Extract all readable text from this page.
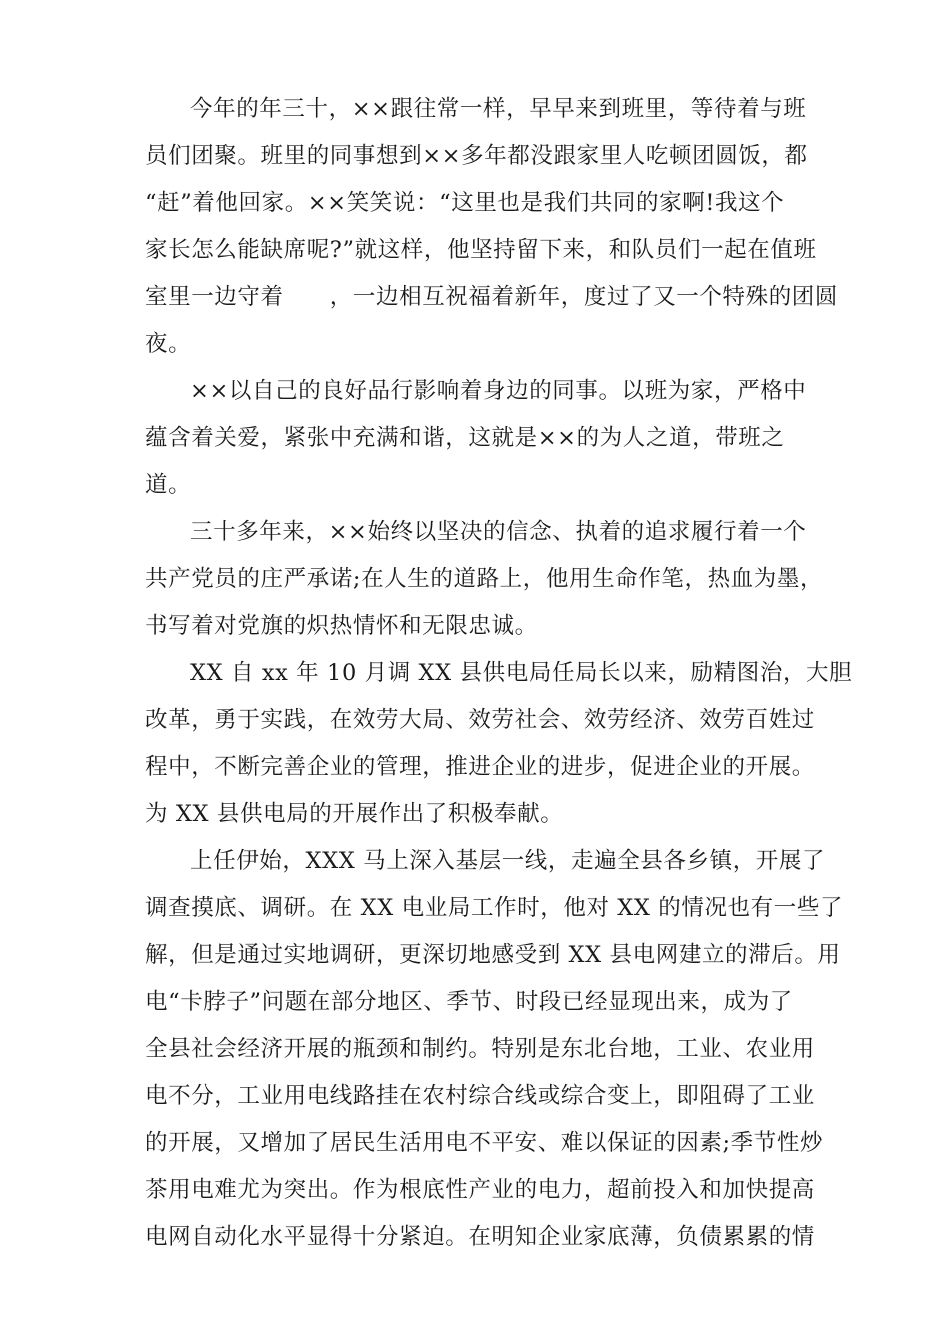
今年的年三十，××跟往常一样，早早来到班里，等待着与班
员们团聚。班里的同事想到××多年都没跟家里人吃顿团圆饭，都
“赶”着他回家。××笑笑说：“这里也是我们共同的家啊!我这个
家长怎么能缺席呢?”就这样，他坚持留下来，和队员们一起在值班
室里一边守着　　，一边相互祝福着新年，度过了又一个特殊的团圆
夜。
××以自己的良好品行影响着身边的同事。以班为家，严格中
蕴含着关爱，紧张中充满和谐，这就是××的为人之道，带班之
道。
三十多年来，××始终以坚决的信念、执着的追求履行着一个
共产党员的庄严承诺;在人生的道路上，他用生命作笔，热血为墨，
书写着对党旗的炽热情怀和无限忠诚。
XX 自 xx 年 10 月调 XX 县供电局任局长以来，励精图治，大胆
改革，勇于实践，在效劳大局、效劳社会、效劳经济、效劳百姓过
程中，不断完善企业的管理，推进企业的进步，促进企业的开展。
为 XX 县供电局的开展作出了积极奉献。
上任伊始，XXX 马上深入基层一线，走遍全县各乡镇，开展了
调查摸底、调研。在 XX 电业局工作时，他对 XX 的情况也有一些了
解，但是通过实地调研，更深切地感受到 XX 县电网建立的滞后。用
电“卡脖子”问题在部分地区、季节、时段已经显现出来，成为了
全县社会经济开展的瓶颈和制约。特别是东北台地，工业、农业用
电不分，工业用电线路挂在农村综合线或综合变上，即阻碍了工业
的开展，又增加了居民生活用电不平安、难以保证的因素;季节性炒
茶用电难尤为突出。作为根底性产业的电力，超前投入和加快提高
电网自动化水平显得十分紧迫。在明知企业家底薄，负债累累的情
